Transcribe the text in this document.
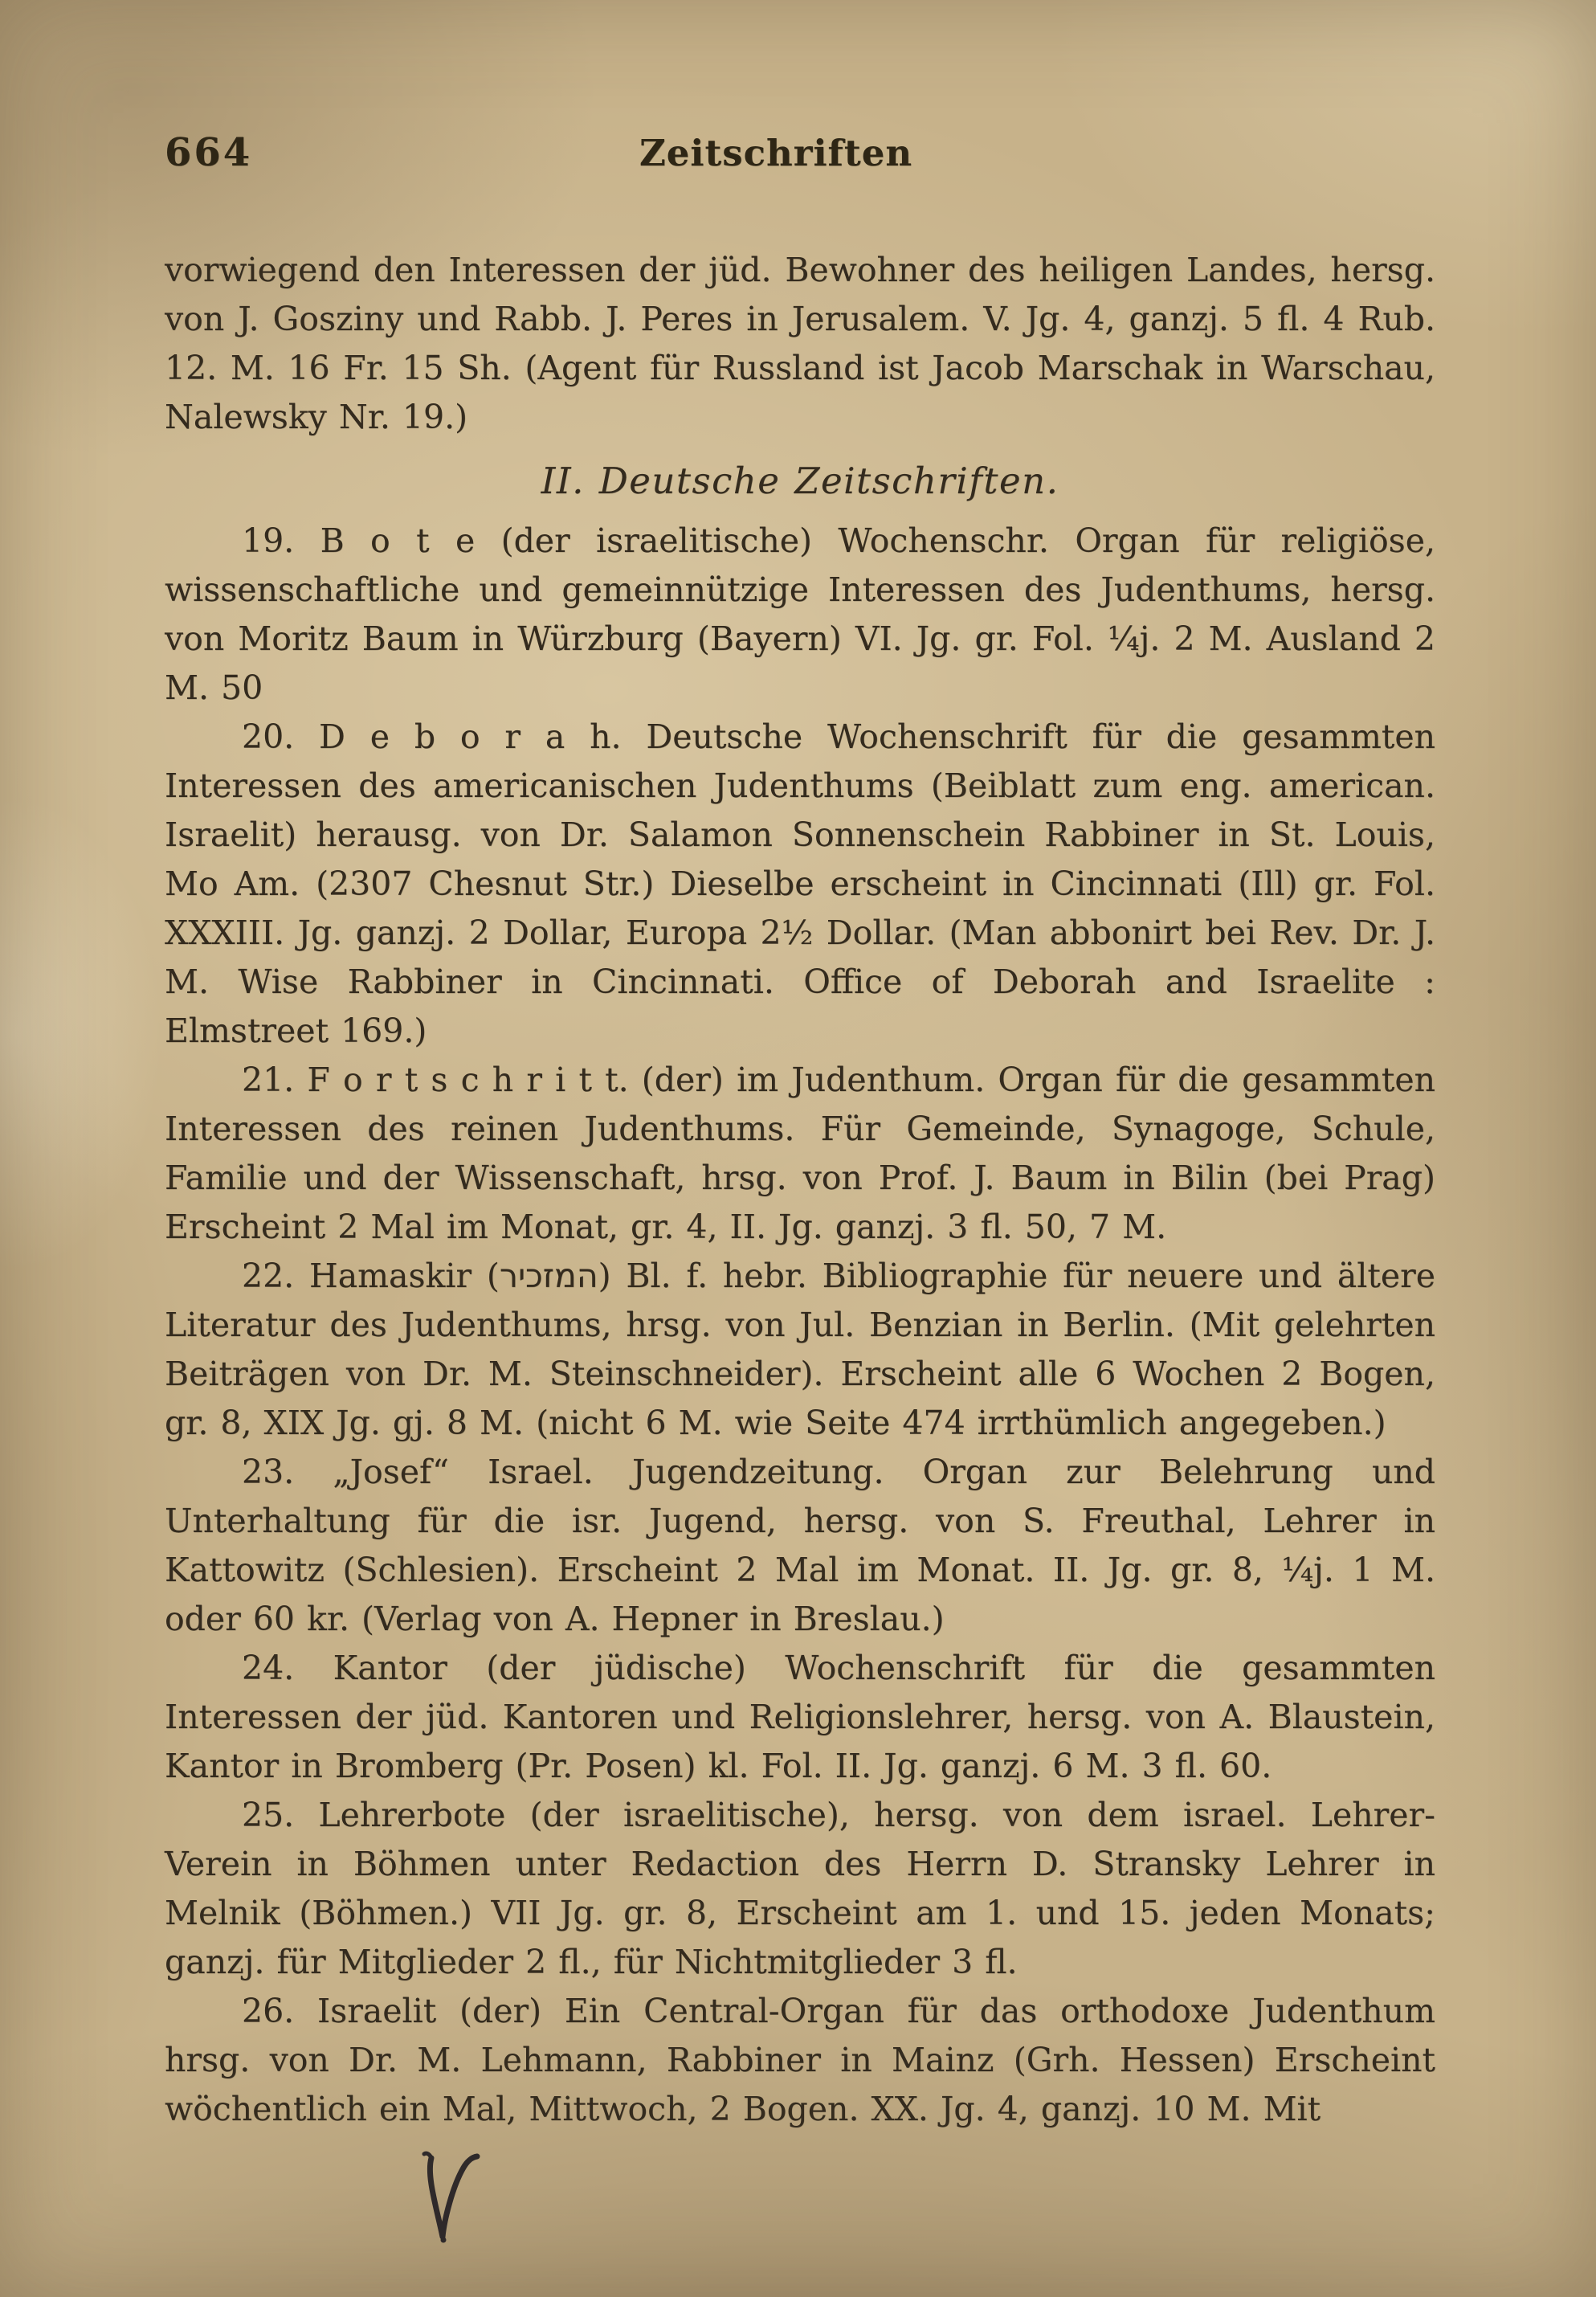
664	Zeitschriften

vorwiegend den Interessen der jüd. Bewohner des heiligen Landes, hersg. von J. Gosziny und Rabb. J. Peres in Jerusalem. V. Jg. 4, ganzj. 5 fl. 4 Rub. 12. M. 16 Fr. 15 Sh. (Agent für Russland ist Jacob Marschak in Warschau, Nalewsky Nr. 19.)

II. Deutsche Zeitschriften.

19. B o t e (der israelitische) Wochenschr. Organ für religiöse, wissenschaftliche und gemeinnützige Interessen des Judenthums, hersg. von Moritz Baum in Würzburg (Bayern) VI. Jg. gr. Fol. ¼j. 2 M. Ausland 2 M. 50

20. D e b o r a h. Deutsche Wochenschrift für die gesammten Interessen des americanischen Judenthums (Beiblatt zum eng. american. Israelit) herausg. von Dr. Salamon Sonnenschein Rabbiner in St. Louis, Mo Am. (2307 Chesnut Str.) Dieselbe erscheint in Cincinnati (Ill) gr. Fol. XXXIII. Jg. ganzj. 2 Dollar, Europa 2½ Dollar. (Man abbonirt bei Rev. Dr. J. M. Wise Rabbiner in Cincinnati. Office of Deborah and Israelite : Elmstreet 169.)

21. F o r t s c h r i t t. (der) im Judenthum. Organ für die gesammten Interessen des reinen Judenthums. Für Gemeinde, Synagoge, Schule, Familie und der Wissenschaft, hrsg. von Prof. J. Baum in Bilin (bei Prag) Erscheint 2 Mal im Monat, gr. 4, II. Jg. ganzj. 3 fl. 50, 7 M.

22. Hamaskir (המזכיר) Bl. f. hebr. Bibliographie für neuere und ältere Literatur des Judenthums, hrsg. von Jul. Benzian in Berlin. (Mit gelehrten Beiträgen von Dr. M. Steinschneider). Erscheint alle 6 Wochen 2 Bogen, gr. 8, XIX Jg. gj. 8 M. (nicht 6 M. wie Seite 474 irrthümlich angegeben.)

23. „Josef“ Israel. Jugendzeitung. Organ zur Belehrung und Unterhaltung für die isr. Jugend, hersg. von S. Freuthal, Lehrer in Kattowitz (Schlesien). Erscheint 2 Mal im Monat. II. Jg. gr. 8, ¼j. 1 M. oder 60 kr. (Verlag von A. Hepner in Breslau.)

24. Kantor (der jüdische) Wochenschrift für die gesammten Interessen der jüd. Kantoren und Religionslehrer, hersg. von A. Blaustein, Kantor in Bromberg (Pr. Posen) kl. Fol. II. Jg. ganzj. 6 M. 3 fl. 60.

25. Lehrerbote (der israelitische), hersg. von dem israel. Lehrer-Verein in Böhmen unter Redaction des Herrn D. Stransky Lehrer in Melnik (Böhmen.) VII Jg. gr. 8, Erscheint am 1. und 15. jeden Monats; ganzj. für Mitglieder 2 fl., für Nichtmitglieder 3 fl.

26. Israelit (der) Ein Central-Organ für das orthodoxe Judenthum hrsg. von Dr. M. Lehmann, Rabbiner in Mainz (Grh. Hessen) Erscheint wöchentlich ein Mal, Mittwoch, 2 Bogen. XX. Jg. 4, ganzj. 10 M. Mit
